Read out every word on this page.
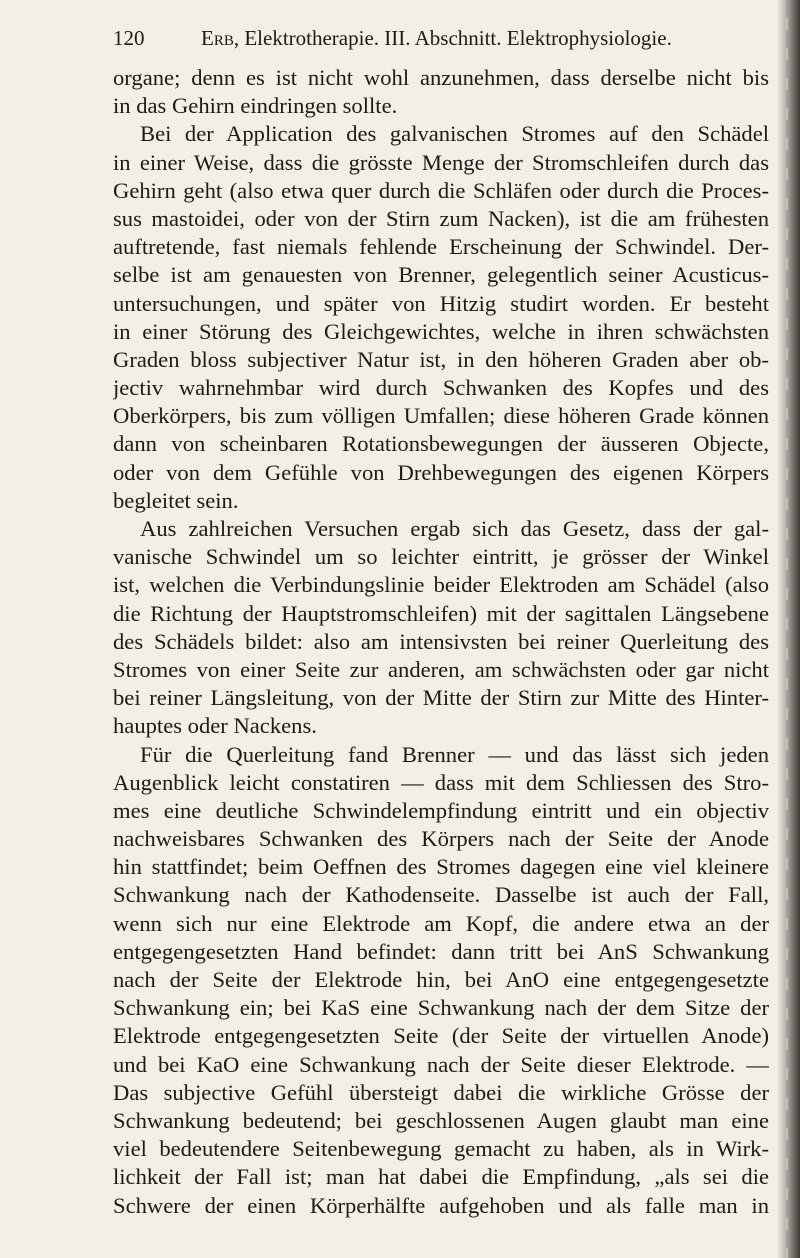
120	Erb, Elektrotherapie. III. Abschnitt. Elektrophysiologie.
organe; denn es ist nicht wohl anzunehmen, dass derselbe nicht bis
in das Gehirn eindringen sollte.
Bei der Application des galvanischen Stromes auf den Schädel
in einer Weise, dass die grösste Menge der Stromschleifen durch das
Gehirn geht (also etwa quer durch die Schläfen oder durch die Proces-
sus mastoidei, oder von der Stirn zum Nacken), ist die am frühesten
auftretende, fast niemals fehlende Erscheinung der Schwindel. Der-
selbe ist am genauesten von Brenner, gelegentlich seiner Acusticus-
untersuchungen, und später von Hitzig studirt worden. Er besteht
in einer Störung des Gleichgewichtes, welche in ihren schwächsten
Graden bloss subjectiver Natur ist, in den höheren Graden aber ob-
jectiv wahrnehmbar wird durch Schwanken des Kopfes und des
Oberkörpers, bis zum völligen Umfallen; diese höheren Grade können
dann von scheinbaren Rotationsbewegungen der äusseren Objecte,
oder von dem Gefühle von Drehbewegungen des eigenen Körpers
begleitet sein.
Aus zahlreichen Versuchen ergab sich das Gesetz, dass der gal-
vanische Schwindel um so leichter eintritt, je grösser der Winkel
ist, welchen die Verbindungslinie beider Elektroden am Schädel (also
die Richtung der Hauptstromschleifen) mit der sagittalen Längsebene
des Schädels bildet: also am intensivsten bei reiner Querleitung des
Stromes von einer Seite zur anderen, am schwächsten oder gar nicht
bei reiner Längsleitung, von der Mitte der Stirn zur Mitte des Hinter-
hauptes oder Nackens.
Für die Querleitung fand Brenner — und das lässt sich jeden
Augenblick leicht constatiren — dass mit dem Schliessen des Stro-
mes eine deutliche Schwindelempfindung eintritt und ein objectiv
nachweisbares Schwanken des Körpers nach der Seite der Anode
hin stattfindet; beim Oeffnen des Stromes dagegen eine viel kleinere
Schwankung nach der Kathodenseite. Dasselbe ist auch der Fall,
wenn sich nur eine Elektrode am Kopf, die andere etwa an der
entgegengesetzten Hand befindet: dann tritt bei AnS Schwankung
nach der Seite der Elektrode hin, bei AnO eine entgegengesetzte
Schwankung ein; bei KaS eine Schwankung nach der dem Sitze der
Elektrode entgegengesetzten Seite (der Seite der virtuellen Anode)
und bei KaO eine Schwankung nach der Seite dieser Elektrode. —
Das subjective Gefühl übersteigt dabei die wirkliche Grösse der
Schwankung bedeutend; bei geschlossenen Augen glaubt man eine
viel bedeutendere Seitenbewegung gemacht zu haben, als in Wirk-
lichkeit der Fall ist; man hat dabei die Empfindung, „als sei die
Schwere der einen Körperhälfte aufgehoben und als falle man in
